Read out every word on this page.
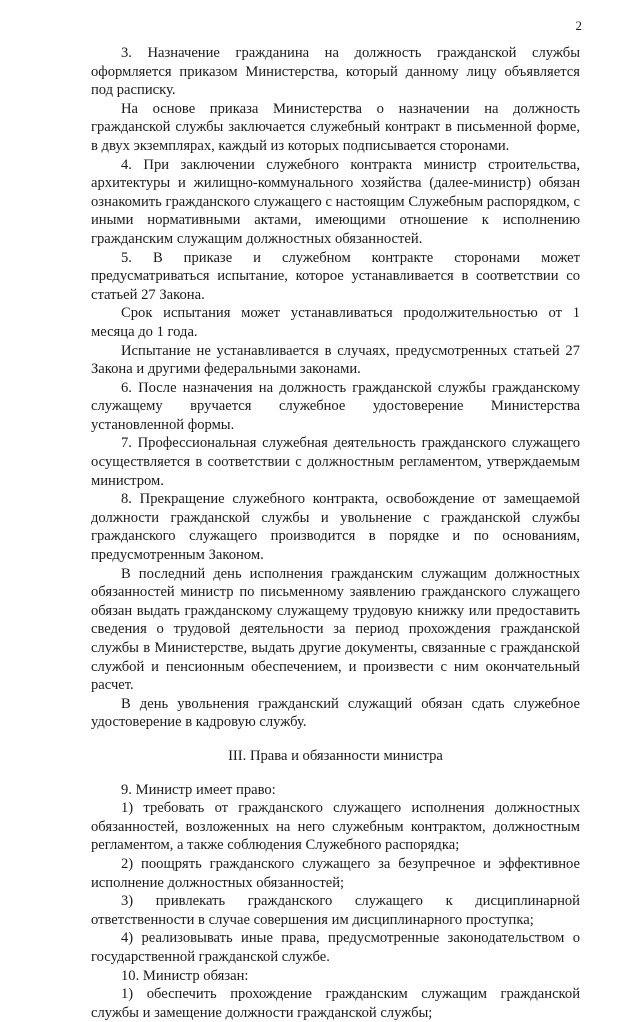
2

3. Назначение гражданина на должность гражданской службы оформляется приказом Министерства, который данному лицу объявляется под расписку.

На основе приказа Министерства о назначении на должность гражданской службы заключается служебный контракт в письменной форме, в двух экземплярах, каждый из которых подписывается сторонами.

4. При заключении служебного контракта министр строительства, архитектуры и жилищно-коммунального хозяйства (далее-министр) обязан ознакомить гражданского служащего с настоящим Служебным распорядком, с иными нормативными актами, имеющими отношение к исполнению гражданским служащим должностных обязанностей.

5. В приказе и служебном контракте сторонами может предусматриваться испытание, которое устанавливается в соответствии со статьей 27 Закона.

Срок испытания может устанавливаться продолжительностью от 1 месяца до 1 года.

Испытание не устанавливается в случаях, предусмотренных статьей 27 Закона и другими федеральными законами.

6. После назначения на должность гражданской службы гражданскому служащему вручается служебное удостоверение Министерства установленной формы.

7. Профессиональная служебная деятельность гражданского служащего осуществляется в соответствии с должностным регламентом, утверждаемым министром.

8. Прекращение служебного контракта, освобождение от замещаемой должности гражданской службы и увольнение с гражданской службы гражданского служащего производится в порядке и по основаниям, предусмотренным Законом.

В последний день исполнения гражданским служащим должностных обязанностей министр по письменному заявлению гражданского служащего обязан выдать гражданскому служащему трудовую книжку или предоставить сведения о трудовой деятельности за период прохождения гражданской службы в Министерстве, выдать другие документы, связанные с гражданской службой и пенсионным обеспечением, и произвести с ним окончательный расчет.

В день увольнения гражданский служащий обязан сдать служебное удостоверение в кадровую службу.

III. Права и обязанности министра

9. Министр имеет право:

1) требовать от гражданского служащего исполнения должностных обязанностей, возложенных на него служебным контрактом, должностным регламентом, а также соблюдения Служебного распорядка;

2) поощрять гражданского служащего за безупречное и эффективное исполнение должностных обязанностей;

3) привлекать гражданского служащего к дисциплинарной ответственности в случае совершения им дисциплинарного проступка;

4) реализовывать иные права, предусмотренные законодательством о государственной гражданской службе.

10. Министр обязан:

1) обеспечить прохождение гражданским служащим гражданской службы и замещение должности гражданской службы;
